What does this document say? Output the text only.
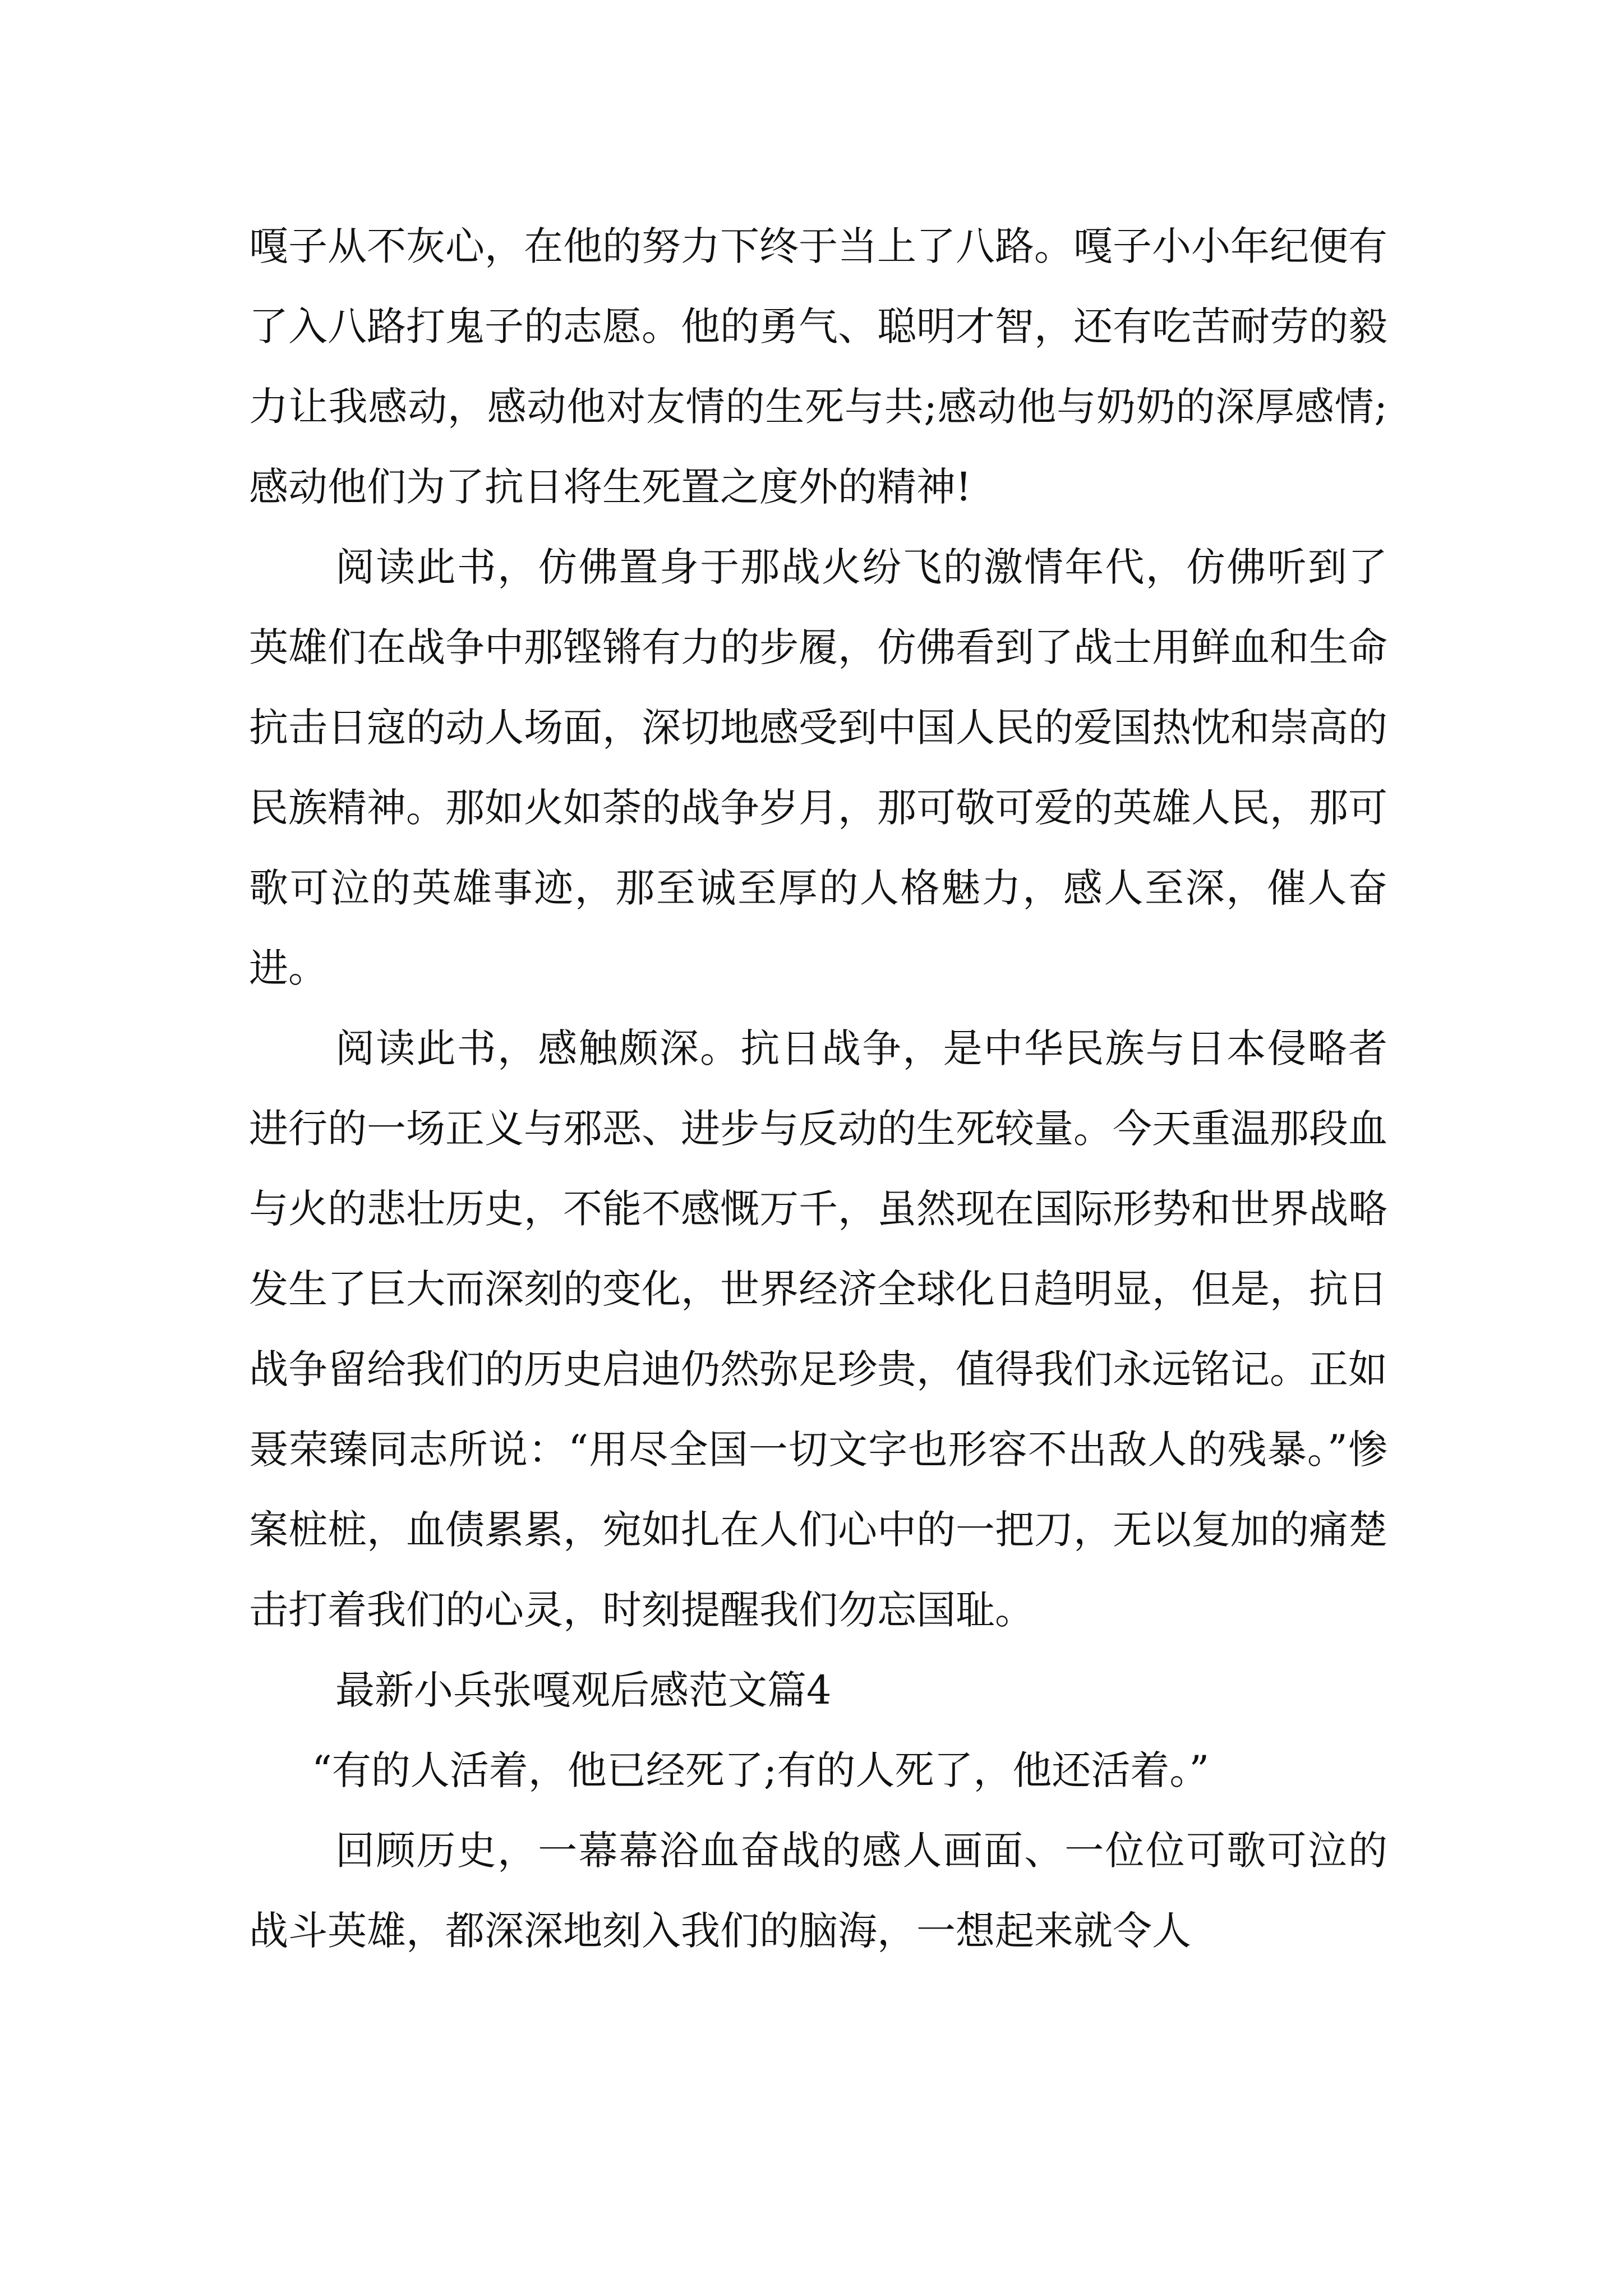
嘎子从不灰心，在他的努力下终于当上了八路。嘎子小小年纪便有了入八路打鬼子的志愿。他的勇气、聪明才智，还有吃苦耐劳的毅力让我感动，感动他对友情的生死与共;感动他与奶奶的深厚感情;感动他们为了抗日将生死置之度外的精神!

阅读此书，仿佛置身于那战火纷飞的激情年代，仿佛听到了英雄们在战争中那铿锵有力的步履，仿佛看到了战士用鲜血和生命抗击日寇的动人场面，深切地感受到中国人民的爱国热忱和崇高的民族精神。那如火如荼的战争岁月，那可敬可爱的英雄人民，那可歌可泣的英雄事迹，那至诚至厚的人格魅力，感人至深，催人奋进。

阅读此书，感触颇深。抗日战争，是中华民族与日本侵略者进行的一场正义与邪恶、进步与反动的生死较量。今天重温那段血与火的悲壮历史，不能不感慨万千，虽然现在国际形势和世界战略发生了巨大而深刻的变化，世界经济全球化日趋明显，但是，抗日战争留给我们的历史启迪仍然弥足珍贵，值得我们永远铭记。正如聂荣臻同志所说：“用尽全国一切文字也形容不出敌人的残暴。”惨案桩桩，血债累累，宛如扎在人们心中的一把刀，无以复加的痛楚击打着我们的心灵，时刻提醒我们勿忘国耻。

最新小兵张嘎观后感范文篇4

“有的人活着，他已经死了;有的人死了，他还活着。”

回顾历史，一幕幕浴血奋战的感人画面、一位位可歌可泣的战斗英雄，都深深地刻入我们的脑海，一想起来就令人
